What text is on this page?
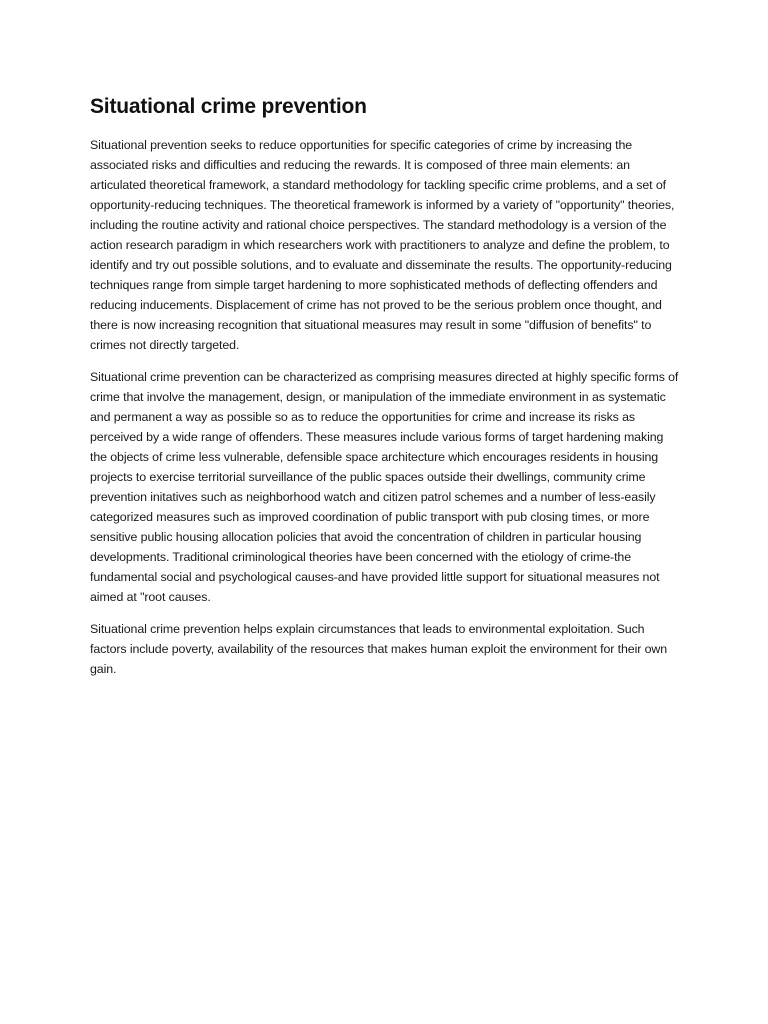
Situational crime prevention

Situational prevention seeks to reduce opportunities for specific categories of crime by increasing the associated risks and difficulties and reducing the rewards. It is composed of three main elements: an articulated theoretical framework, a standard methodology for tackling specific crime problems, and a set of opportunity-reducing techniques. The theoretical framework is informed by a variety of "opportunity" theories, including the routine activity and rational choice perspectives. The standard methodology is a version of the action research paradigm in which researchers work with practitioners to analyze and define the problem, to identify and try out possible solutions, and to evaluate and disseminate the results. The opportunity-reducing techniques range from simple target hardening to more sophisticated methods of deflecting offenders and reducing inducements. Displacement of crime has not proved to be the serious problem once thought, and there is now increasing recognition that situational measures may result in some "diffusion of benefits" to crimes not directly targeted.

Situational crime prevention can be characterized as comprising measures directed at highly specific forms of crime that involve the management, design, or manipulation of the immediate environment in as systematic and permanent a way as possible so as to reduce the opportunities for crime and increase its risks as perceived by a wide range of offenders. These measures include various forms of target hardening making the objects of crime less vulnerable, defensible space architecture which encourages residents in housing projects to exercise territorial surveillance of the public spaces outside their dwellings, community crime prevention initatives such as neighborhood watch and citizen patrol schemes and a number of less-easily categorized measures such as improved coordination of public transport with pub closing times, or more sensitive public housing allocation policies that avoid the concentration of children in particular housing developments. Traditional criminological theories have been concerned with the etiology of crime-the fundamental social and psychological causes-and have provided little support for situational measures not aimed at "root causes.

Situational crime prevention helps explain circumstances that leads to environmental exploitation. Such factors include poverty, availability of the resources that makes human exploit the environment for their own gain.
